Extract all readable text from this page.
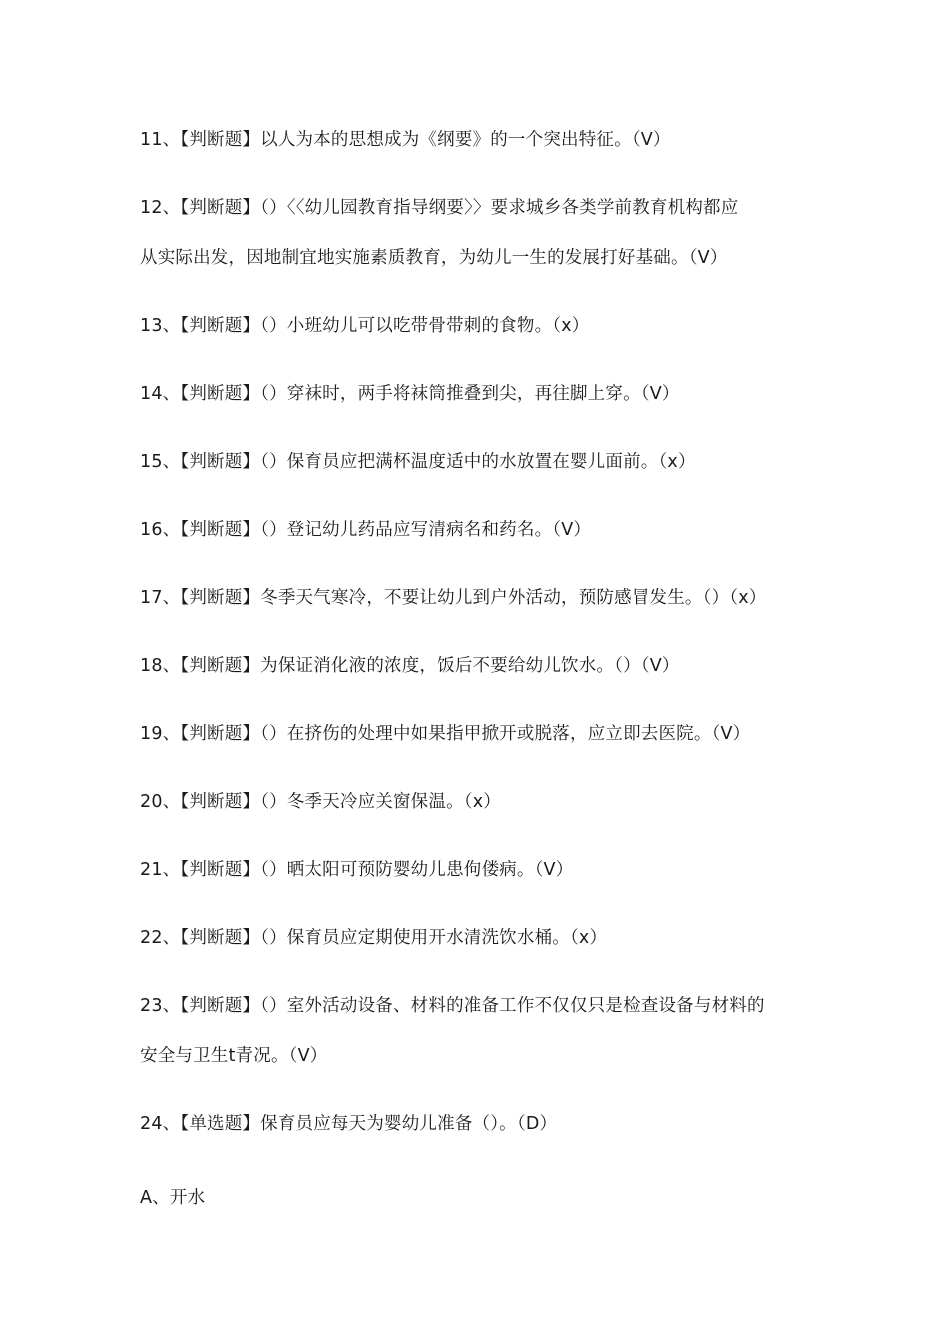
11、【判断题】以人为本的思想成为《纲要》的一个突出特征。（V）
12、【判断题】（）〈〈幼儿园教育指导纲要〉〉要求城乡各类学前教育机构都应
从实际出发，因地制宜地实施素质教育，为幼儿一生的发展打好基础。（V）
13、【判断题】（）小班幼儿可以吃带骨带刺的食物。（x）
14、【判断题】（）穿袜时，两手将袜筒推叠到尖，再往脚上穿。（V）
15、【判断题】（）保育员应把满杯温度适中的水放置在婴儿面前。（x）
16、【判断题】（）登记幼儿药品应写清病名和药名。（V）
17、【判断题】冬季天气寒冷，不要让幼儿到户外活动，预防感冒发生。（）（x）
18、【判断题】为保证消化液的浓度，饭后不要给幼儿饮水。（）（V）
19、【判断题】（）在挤伤的处理中如果指甲掀开或脱落，应立即去医院。（V）
20、【判断题】（）冬季天冷应关窗保温。（x）
21、【判断题】（）晒太阳可预防婴幼儿患佝偻病。（V）
22、【判断题】（）保育员应定期使用开水清洗饮水桶。（x）
23、【判断题】（）室外活动设备、材料的准备工作不仅仅只是检查设备与材料的
安全与卫生t青况。（V）
24、【单选题】保育员应每天为婴幼儿准备（）。（D）
A、开水
